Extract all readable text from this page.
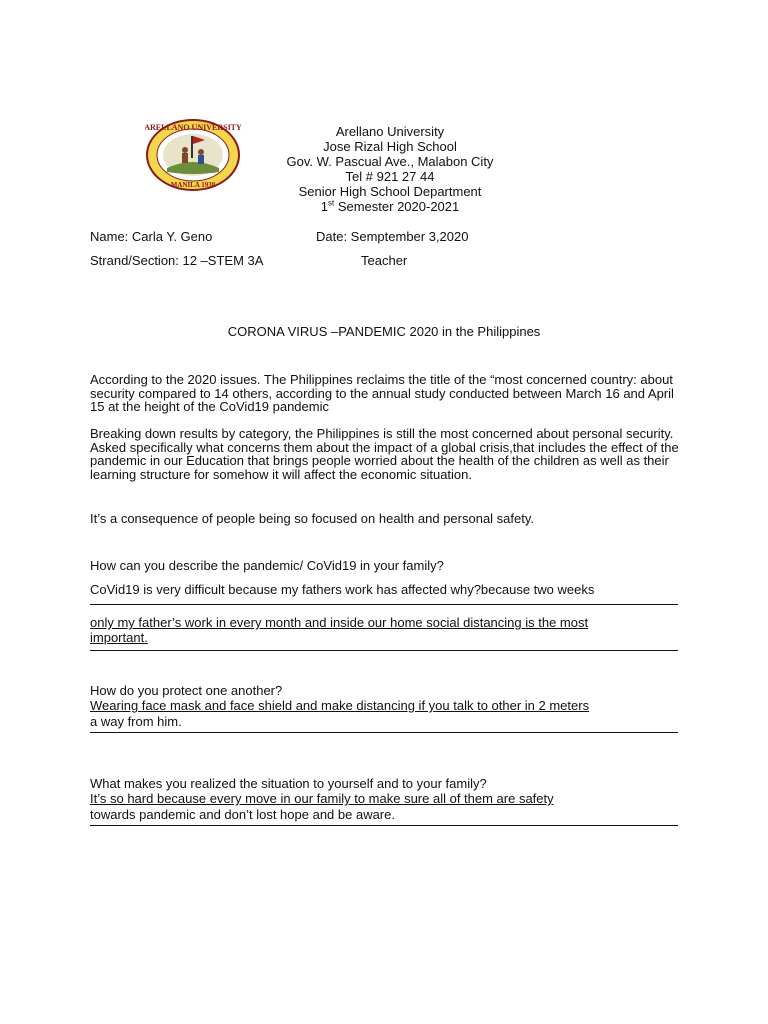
ARELLANO UNIVERSITY
MANILA 1938
Arellano University
Jose Rizal High School
Gov. W. Pascual Ave., Malabon City
Tel # 921 27 44
Senior High School Department
1st Semester 2020-2021
Name: Carla Y. Geno	Date: Semptember 3,2020
Strand/Section: 12 –STEM 3A	Teacher
CORONA VIRUS –PANDEMIC 2020 in the Philippines
According to the 2020 issues. The Philippines reclaims the title of the “most concerned country: about security compared to 14 others, according to the annual study conducted between March 16 and April 15 at the height of the CoVid19 pandemic
Breaking down results by category, the Philippines is still the most concerned about personal security. Asked specifically what concerns them about the impact of a global crisis,that includes the effect of the pandemic in our Education that brings people worried about the health of the children as well as their learning structure for somehow it will affect the economic situation.
It’s a consequence of people being so focused on health and personal safety.
How can you describe the pandemic/ CoVid19 in your family?
CoVid19 is very difficult because my fathers work has affected why?because two weeks
only my father’s work in every month and inside our home social distancing is the most
important.
How do you protect one another?
Wearing face mask and face shield and make distancing if you talk to other in 2 meters
a way from him.
What makes you realized the situation to yourself and to your family?
It’s so hard because every move in our family to make sure all of them are safety
towards pandemic and don’t lost hope and be aware.
